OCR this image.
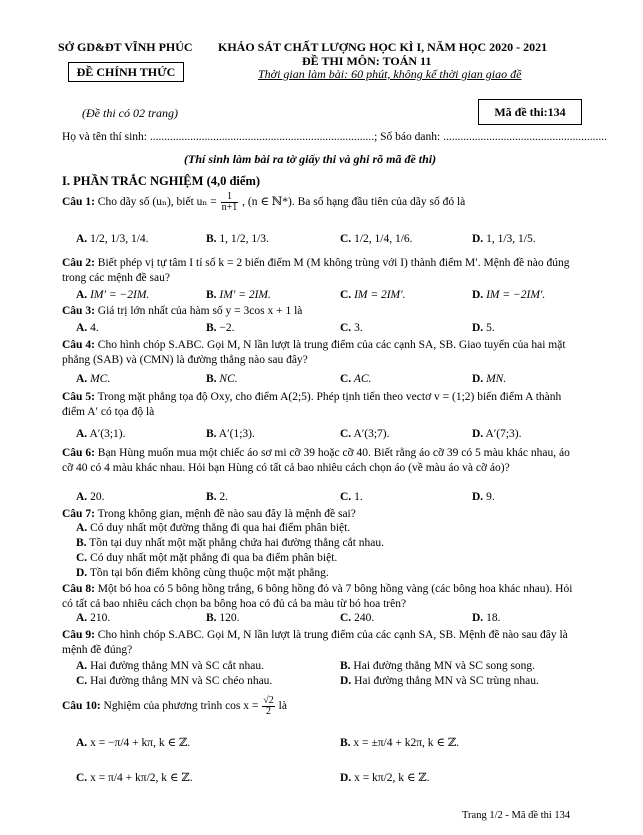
SỞ GD&ĐT VĨNH PHÚC KHẢO SÁT CHẤT LƯỢNG HỌC KÌ I, NĂM HỌC 2020 - 2021
ĐỀ THI MÔN: TOÁN 11
ĐỀ CHÍNH THỨC	Thời gian làm bài: 60 phút, không kể thời gian giao đề
(Đề thi có 02 trang)	Mã đề thi:134
Họ và tên thí sinh: ..............................................................................; Số báo danh: .........................................................
(Thí sinh làm bài ra tờ giấy thi và ghi rõ mã đề thi)
I. PHẦN TRẮC NGHIỆM (4,0 điểm)
Câu 1: Cho dãy số (uₙ), biết $u_n = \frac{1}{n+1}$ , (n ∈ ℕ*). Ba số hạng đầu tiên của dãy số đó là
A. 1/2, 1/3, 1/4.	B. 1, 1/2, 1/3.	C. 1/2, 1/4, 1/6.	D. 1, 1/3, 1/5.
Câu 2: Biết phép vị tự tâm I tỉ số k = 2 biến điểm M (M không trùng với I) thành điểm M′. Mệnh đề nào đúng trong các mệnh đề sau?
A. IM′ = −2IM.	B. IM′ = 2IM.	C. IM = 2IM′.	D. IM = −2IM′.
Câu 3: Giá trị lớn nhất của hàm số y = 3cos x + 1 là
A. 4.	B. −2.	C. 3.	D. 5.
Câu 4: Cho hình chóp S.ABC. Gọi M, N lần lượt là trung điểm của các cạnh SA, SB. Giao tuyến của hai mặt phẳng (SAB) và (CMN) là đường thẳng nào sau đây?
A. MC.	B. NC.	C. AC.	D. MN.
Câu 5: Trong mặt phẳng tọa độ Oxy, cho điểm A(2;5). Phép tịnh tiến theo vectơ v = (1;2) biến điểm A thành điểm A′ có tọa độ là
A. A′(3;1).	B. A′(1;3).	C. A′(3;7).	D. A′(7;3).
Câu 6: Bạn Hùng muốn mua một chiếc áo sơ mi cỡ 39 hoặc cỡ 40. Biết rằng áo cỡ 39 có 5 màu khác nhau, áo cỡ 40 có 4 màu khác nhau. Hỏi bạn Hùng có tất cả bao nhiêu cách chọn áo (về màu áo và cỡ áo)?
A. 20.	B. 2.	C. 1.	D. 9.
Câu 7: Trong không gian, mệnh đề nào sau đây là mệnh đề sai?
A. Có duy nhất một đường thẳng đi qua hai điểm phân biệt.
B. Tồn tại duy nhất một mặt phẳng chứa hai đường thẳng cắt nhau.
C. Có duy nhất một mặt phẳng đi qua ba điểm phân biệt.
D. Tồn tại bốn điểm không cùng thuộc một mặt phẳng.
Câu 8: Một bó hoa có 5 bông hồng trắng, 6 bông hồng đỏ và 7 bông hồng vàng (các bông hoa khác nhau). Hỏi có tất cả bao nhiêu cách chọn ba bông hoa có đủ cả ba màu từ bó hoa trên?
A. 210.	B. 120.	C. 240.	D. 18.
Câu 9: Cho hình chóp S.ABC. Gọi M, N lần lượt là trung điểm của các cạnh SA, SB. Mệnh đề nào sau đây là mệnh đề đúng?
A. Hai đường thẳng MN và SC cắt nhau.	B. Hai đường thẳng MN và SC song song.
C. Hai đường thẳng MN và SC chéo nhau.	D. Hai đường thẳng MN và SC trùng nhau.
Câu 10: Nghiệm của phương trình $\cos x = \frac{√2}{2}$ là
A. x = −π/4 + kπ, k ∈ ℤ.	B. x = ±π/4 + k2π, k ∈ ℤ.
C. x = π/4 + kπ/2, k ∈ ℤ.	D. x = kπ/2, k ∈ ℤ.
Trang 1/2 - Mã đề thi 134
